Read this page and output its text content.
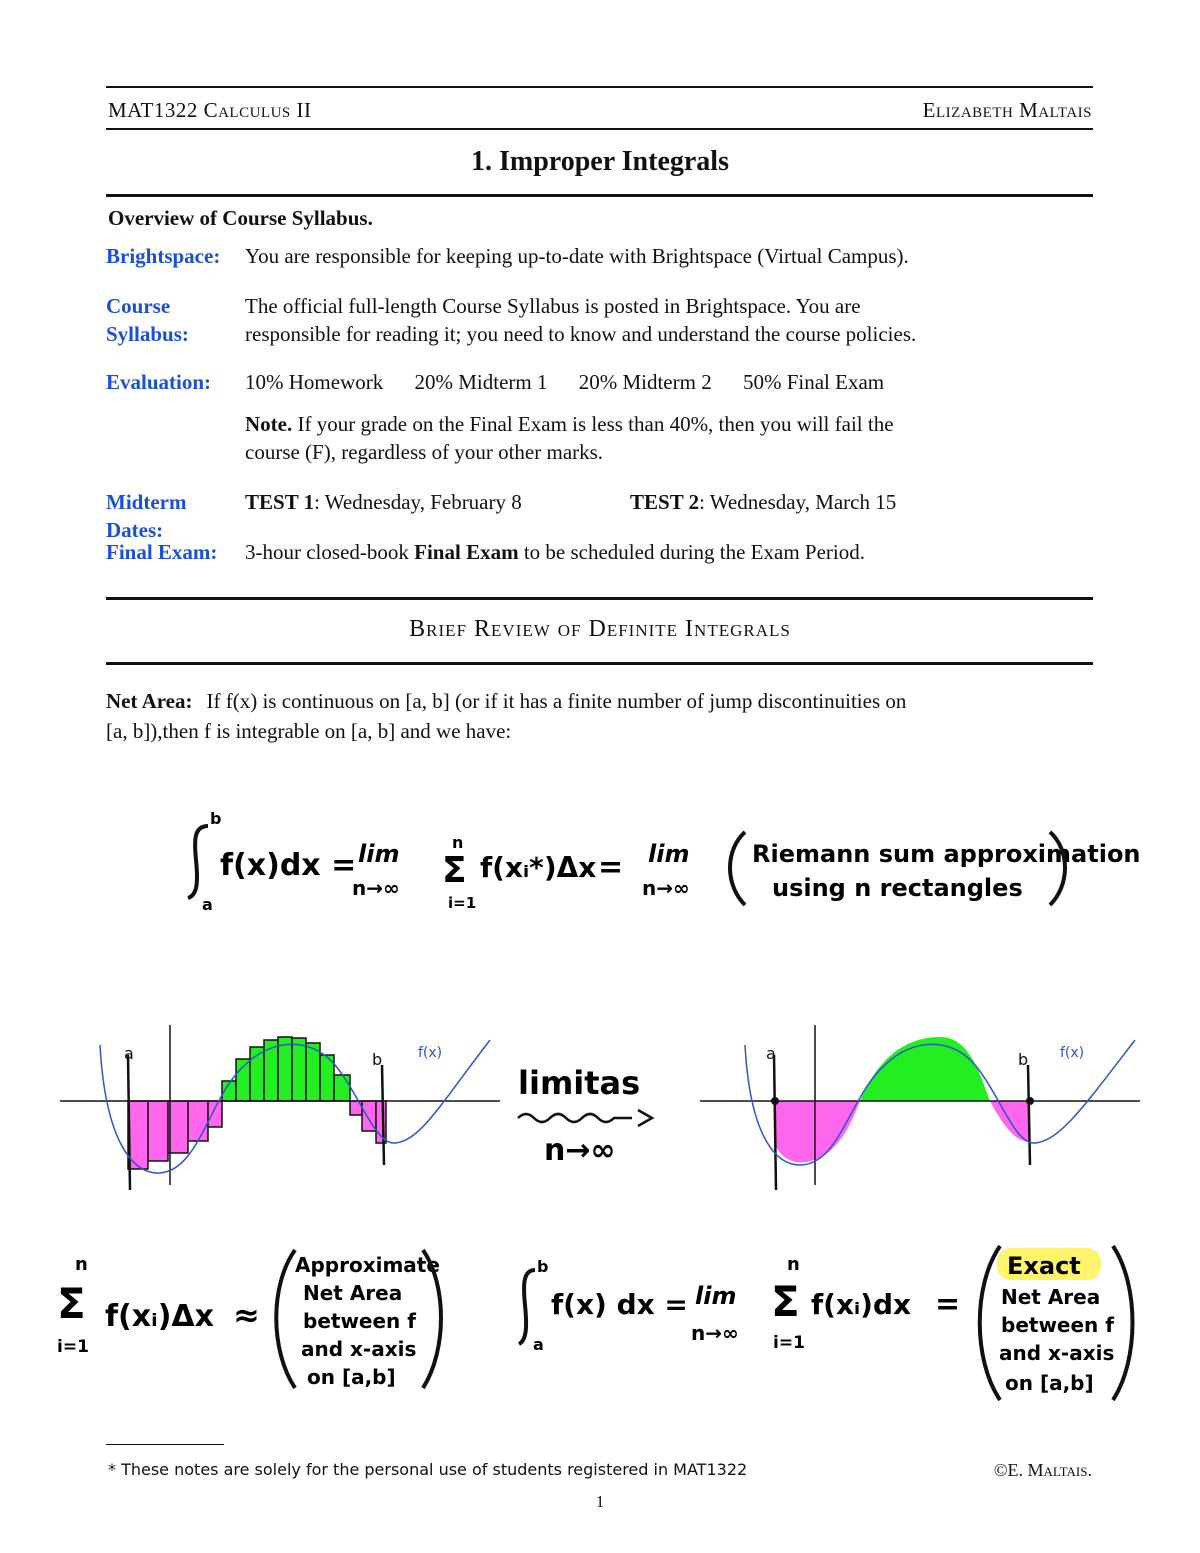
MAT1322 Calculus II	Elizabeth Maltais
1. Improper Integrals
Overview of Course Syllabus.
Brightspace: You are responsible for keeping up-to-date with Brightspace (Virtual Campus).
Course
Syllabus:
The official full-length Course Syllabus is posted in Brightspace. You are
responsible for reading it; you need to know and understand the course policies.
Evaluation: 10% Homework 20% Midterm 1 20% Midterm 2 50% Final Exam
Note. If your grade on the Final Exam is less than 40%, then you will fail the
course (F), regardless of your other marks.
Midterm
Dates:
TEST 1: Wednesday, February 8	TEST 2: Wednesday, March 15
Final Exam: 3-hour closed-book Final Exam to be scheduled during the Exam Period.
Brief Review of Definite Integrals
Net Area: If f(x) is continuous on [a, b] (or if it has a finite number of jump discontinuities on
[a, b]),then f is integrable on [a, b] and we have:
b
a
f(x)dx = lim
n→∞
n
Σ
i=1
f(xᵢ*)Δx = lim
n→∞
Riemann sum approximation
using n rectangles
a	b	f(x)
limitas
n→∞
a	b f(x)
n
Σ
i=1
f(xᵢ)Δx ≈
Approximate
Net Area
between f
and x-axis
on [a,b]
b
a
f(x) dx = lim
n→∞
n
Σ
i=1
f(xᵢ)dx =
Exact
Net Area
between f
and x-axis
on [a,b]
* These notes are solely for the personal use of students registered in MAT1322	©E. Maltais.
1
